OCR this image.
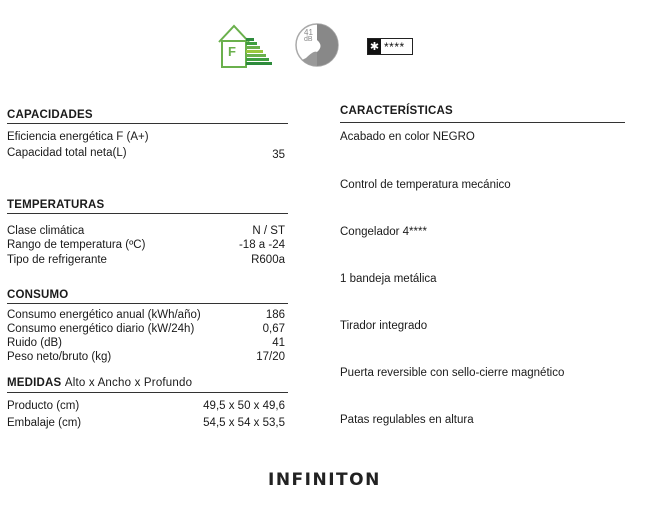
F
41
dB
✱ ****
CAPACIDADES
Eficiencia energética F (A+)
Capacidad total neta(L)	35
TEMPERATURAS
Clase climática	N / ST
Rango de temperatura (ºC)	-18 a -24
Tipo de refrigerante	R600a
CONSUMO
Consumo energético anual (kWh/año)	186
Consumo energético diario (kW/24h)	0,67
Ruido (dB)	41
Peso neto/bruto (kg)	17/20
MEDIDAS Alto x Ancho x Profundo
Producto (cm)	49,5 x 50 x 49,6
Embalaje (cm)	54,5 x 54 x 53,5
CARACTERÍSTICAS
Acabado en color NEGRO
Control de temperatura mecánico
Congelador 4****
1 bandeja metálica
Tirador integrado
Puerta reversible con sello-cierre magnético
Patas regulables en altura
INFINITON
